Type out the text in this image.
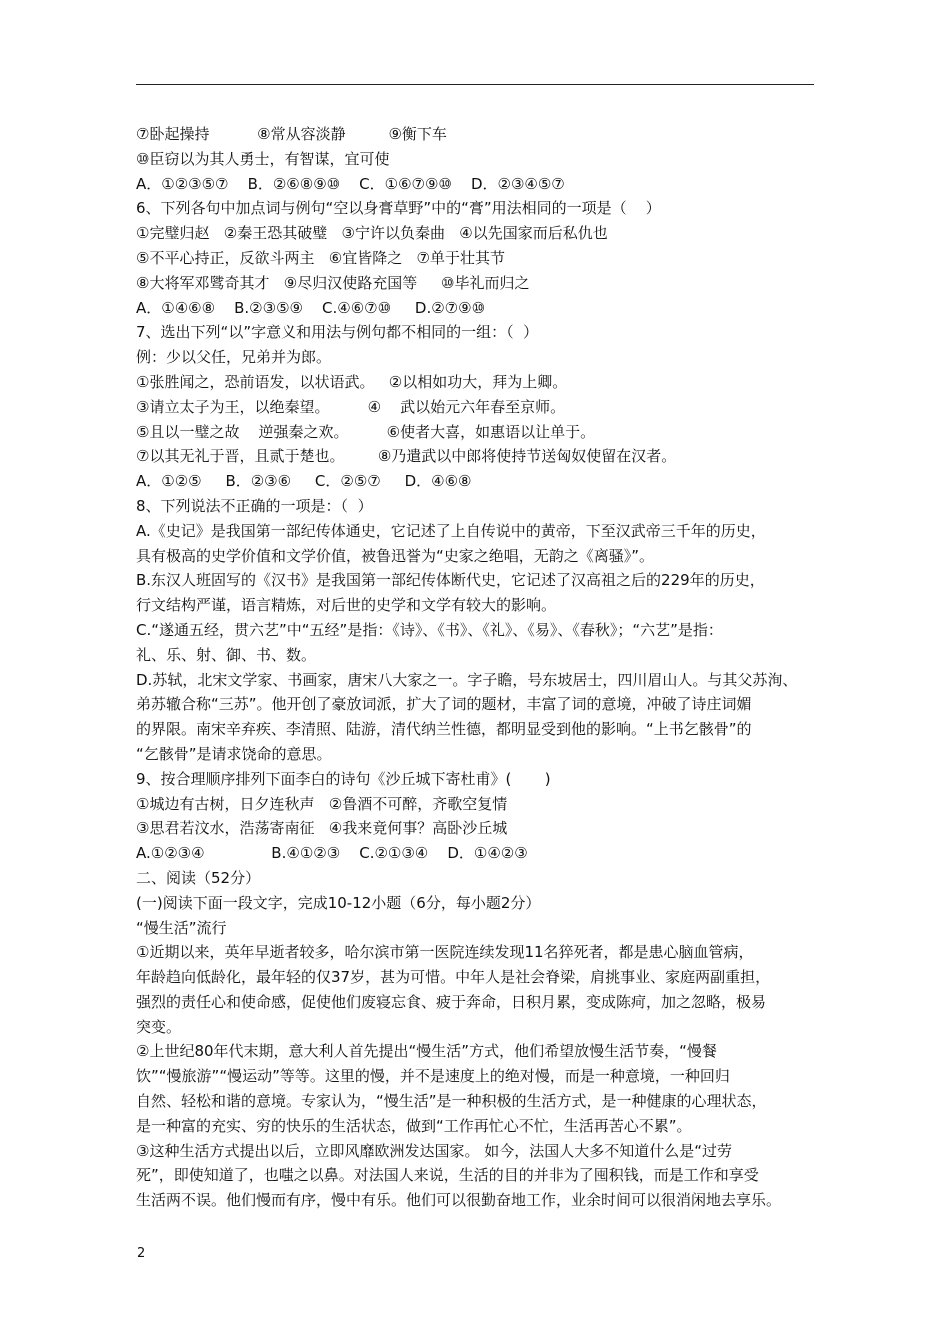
⑦卧起操持          ⑧常从容淡静         ⑨衡下车
⑩臣窃以为其人勇士，有智谋，宜可使
A．①②③⑤⑦    B．②⑥⑧⑨⑩    C．①⑥⑦⑨⑩    D．②③④⑤⑦
6、下列各句中加点词与例句“空以身膏草野”中的“膏”用法相同的一项是（    ）
①完璧归赵   ②秦王恐其破璧   ③宁许以负秦曲   ④以先国家而后私仇也
⑤不平心持正，反欲斗两主   ⑥宜皆降之   ⑦单于壮其节
⑧大将军邓骘奇其才   ⑨尽归汉使路充国等     ⑩毕礼而归之
A．①④⑥⑧    B.②③⑤⑨    C.④⑥⑦⑩     D.②⑦⑨⑩
7、选出下列“以”字意义和用法与例句都不相同的一组：（  ）
例：少以父任，兄弟并为郎。
①张胜闻之，恐前语发，以状语武。   ②以相如功大，拜为上卿。
③请立太子为王，以绝秦望。        ④    武以始元六年春至京师。
⑤且以一璧之故    逆强秦之欢。        ⑥使者大喜，如惠语以让单于。
⑦以其无礼于晋，且贰于楚也。       ⑧乃遣武以中郎将使持节送匈奴使留在汉者。
A．①②⑤     B．②③⑥     C．②⑤⑦     D．④⑥⑧
8、下列说法不正确的一项是：（  ）
A.《史记》是我国第一部纪传体通史，它记述了上自传说中的黄帝，下至汉武帝三千年的历史，
具有极高的史学价值和文学价值，被鲁迅誉为“史家之绝唱，无韵之《离骚》”。
B.东汉人班固写的《汉书》是我国第一部纪传体断代史，它记述了汉高祖之后的229年的历史，
行文结构严谨，语言精炼，对后世的史学和文学有较大的影响。
C.“遂通五经，贯六艺”中“五经”是指：《诗》、《书》、《礼》、《易》、《春秋》；“六艺”是指：
礼、乐、射、御、书、数。
D.苏轼，北宋文学家、书画家，唐宋八大家之一。字子瞻，号东坡居士，四川眉山人。与其父苏洵、
弟苏辙合称“三苏”。他开创了豪放词派，扩大了词的题材，丰富了词的意境，冲破了诗庄词媚
的界限。南宋辛弃疾、李清照、陆游，清代纳兰性德，都明显受到他的影响。“上书乞骸骨”的
“乞骸骨”是请求饶命的意思。
9、按合理顺序排列下面李白的诗句《沙丘城下寄杜甫》(       )
①城边有古树，日夕连秋声   ②鲁酒不可醉，齐歌空复情
③思君若汶水，浩荡寄南征   ④我来竟何事？高卧沙丘城
A.①②③④              B.④①②③    C.②①③④    D．①④②③
二、阅读（52分）
(一)阅读下面一段文字，完成10-12小题（6分，每小题2分）
“慢生活”流行
①近期以来，英年早逝者较多，哈尔滨市第一医院连续发现11名猝死者，都是患心脑血管病，
年龄趋向低龄化，最年轻的仅37岁，甚为可惜。中年人是社会脊梁，肩挑事业、家庭两副重担，
强烈的责任心和使命感，促使他们废寝忘食、疲于奔命，日积月累，变成陈疴，加之忽略，极易
突变。
②上世纪80年代末期，意大利人首先提出“慢生活”方式，他们希望放慢生活节奏，“慢餐
饮”“慢旅游”“慢运动”等等。这里的慢，并不是速度上的绝对慢，而是一种意境，一种回归
自然、轻松和谐的意境。专家认为，“慢生活”是一种积极的生活方式，是一种健康的心理状态，
是一种富的充实、穷的快乐的生活状态，做到“工作再忙心不忙，生活再苦心不累”。
③这种生活方式提出以后，立即风靡欧洲发达国家。 如今，法国人大多不知道什么是“过劳
死”，即使知道了，也嗤之以鼻。对法国人来说，生活的目的并非为了囤积钱，而是工作和享受
生活两不误。他们慢而有序，慢中有乐。他们可以很勤奋地工作，业余时间可以很消闲地去享乐。
2
